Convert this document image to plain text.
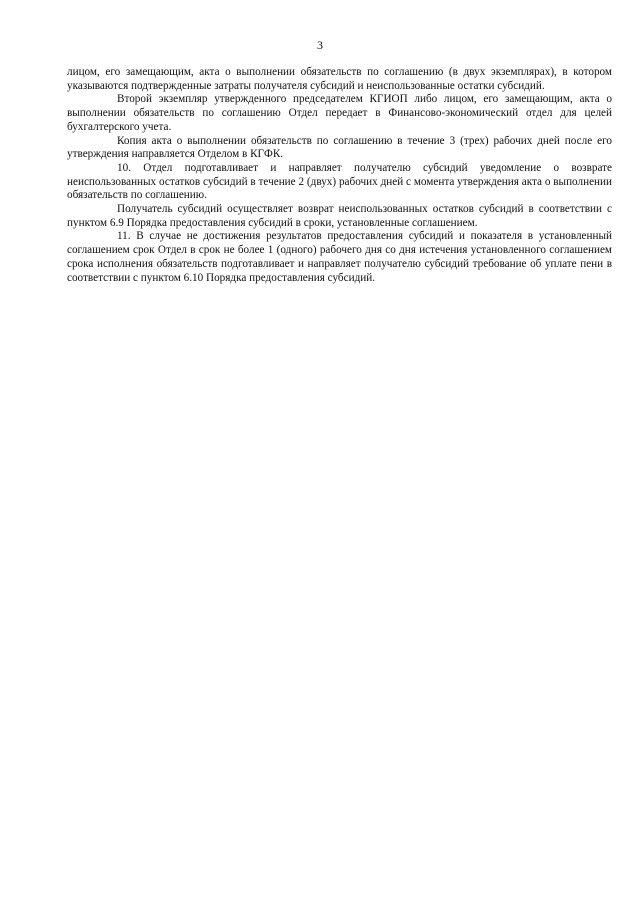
3

лицом, его замещающим, акта о выполнении обязательств по соглашению (в двух экземплярах), в котором указываются подтвержденные затраты получателя субсидий и неиспользованные остатки субсидий.

Второй экземпляр утвержденного председателем КГИОП либо лицом, его замещающим, акта о выполнении обязательств по соглашению Отдел передает в Финансово-экономический отдел для целей бухгалтерского учета.

Копия акта о выполнении обязательств по соглашению в течение 3 (трех) рабочих дней после его утверждения направляется Отделом в КГФК.

10. Отдел подготавливает и направляет получателю субсидий уведомление о возврате неиспользованных остатков субсидий в течение 2 (двух) рабочих дней с момента утверждения акта о выполнении обязательств по соглашению.

Получатель субсидий осуществляет возврат неиспользованных остатков субсидий в соответствии с пунктом 6.9 Порядка предоставления субсидий в сроки, установленные соглашением.

11. В случае не достижения результатов предоставления субсидий и показателя в установленный соглашением срок Отдел в срок не более 1 (одного) рабочего дня со дня истечения установленного соглашением срока исполнения обязательств подготавливает и направляет получателю субсидий требование об уплате пени в соответствии с пунктом 6.10 Порядка предоставления субсидий.
